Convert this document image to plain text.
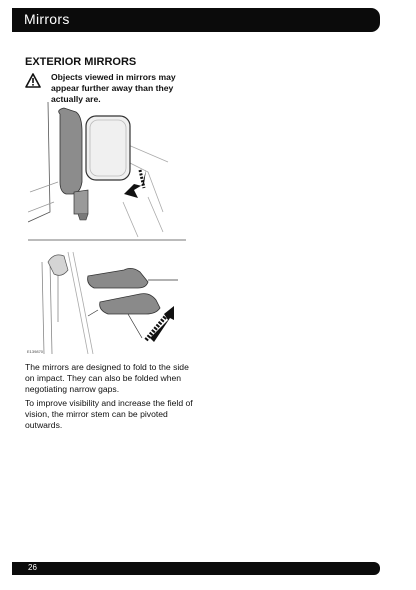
Mirrors
EXTERIOR MIRRORS
Objects viewed in mirrors may appear further away than they actually are.
E139870
The mirrors are designed to fold to the side on impact. They can also be folded when negotiating narrow gaps.
To improve visibility and increase the field of vision, the mirror stem can be pivoted outwards.
26
